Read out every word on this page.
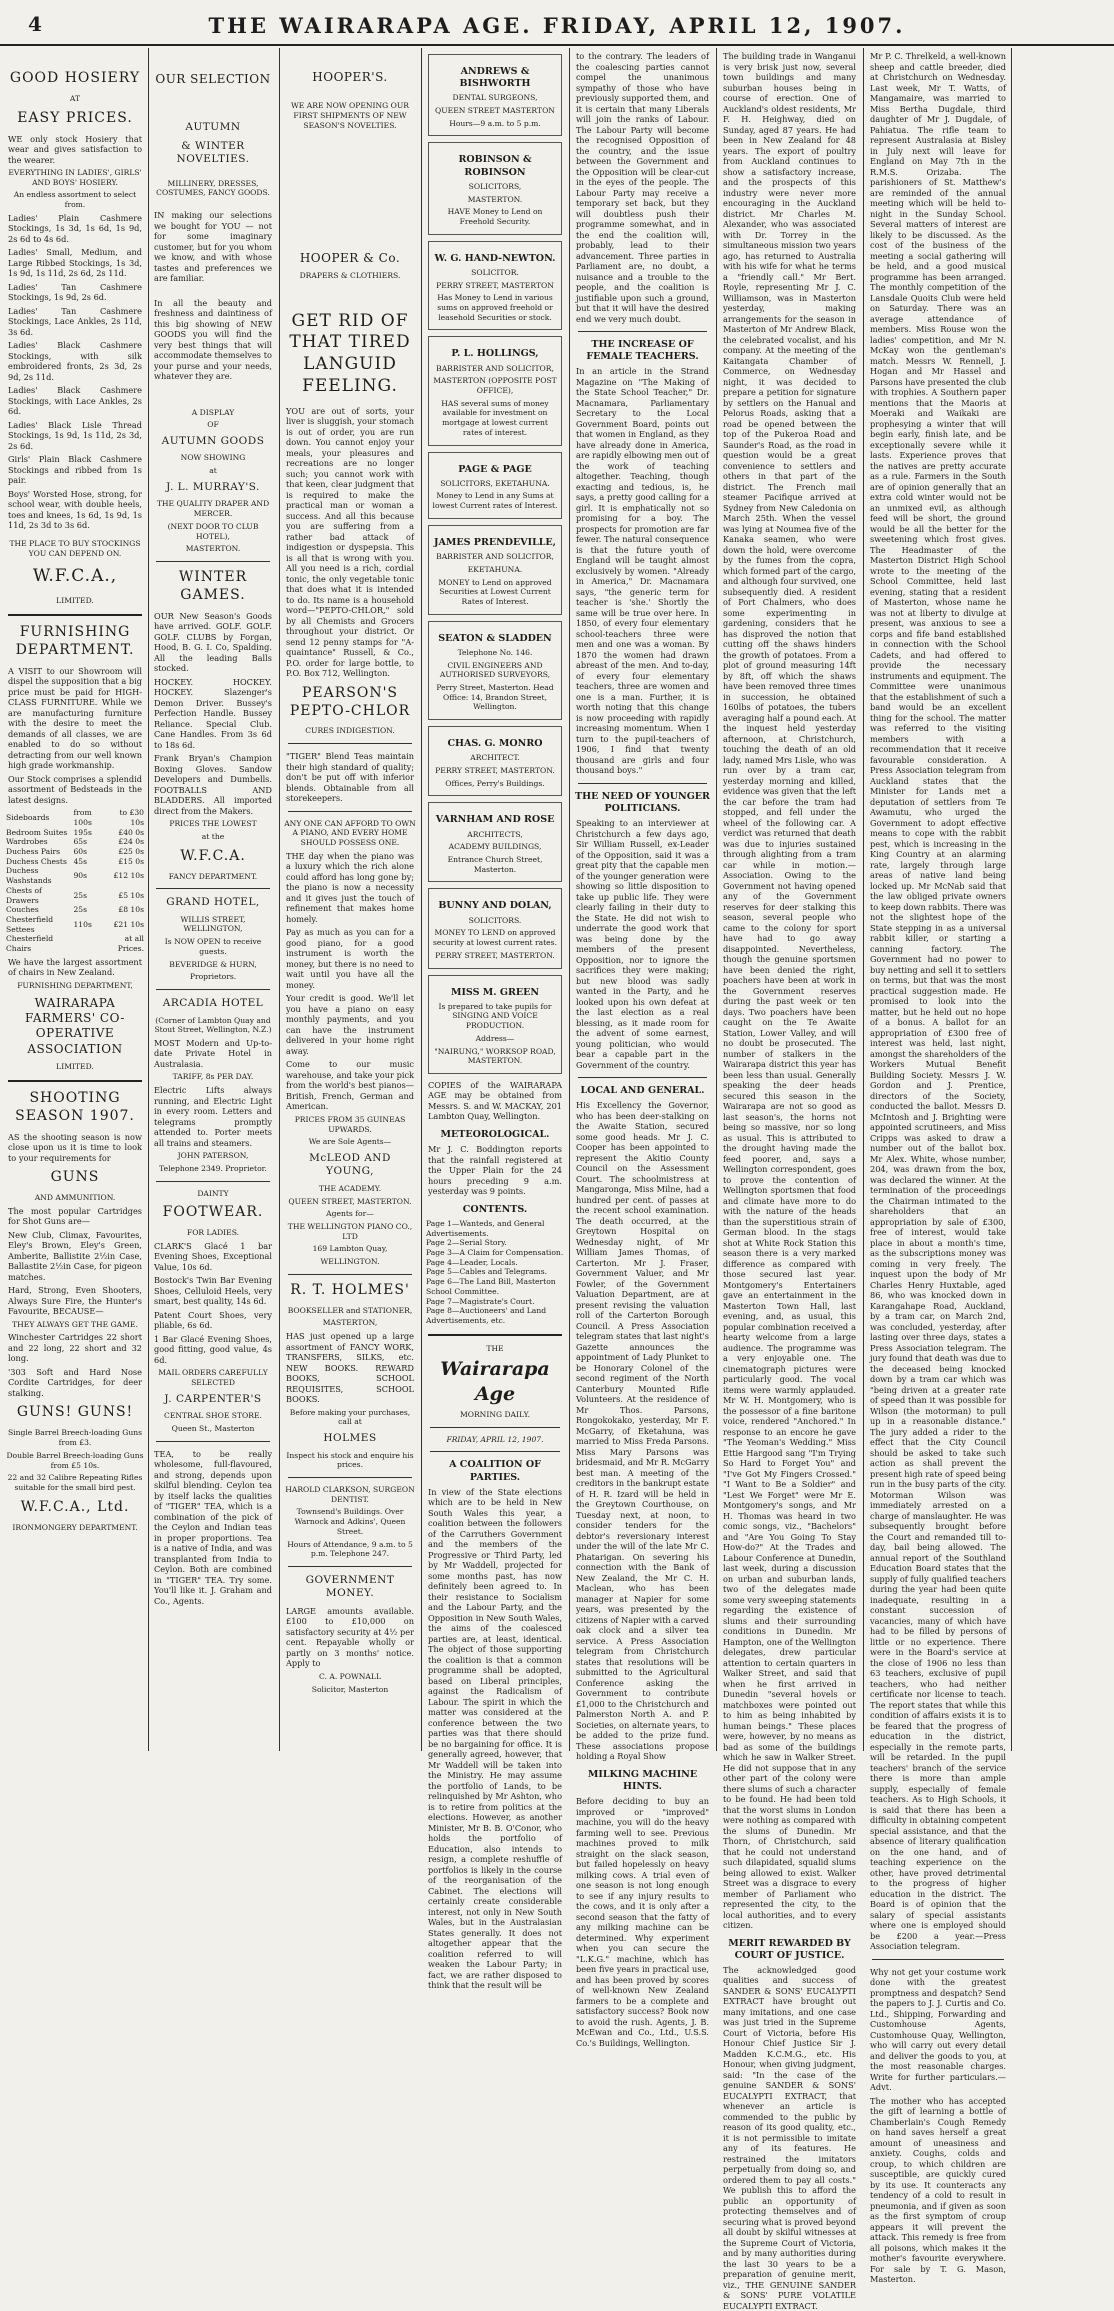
4	THE WAIRARAPA AGE. FRIDAY, APRIL 12, 1907.
GOOD HOSIERY
AT
EASY PRICES.
WE only stock Hosiery that wear and gives satisfaction to the wearer.
EVERYTHING IN LADIES', GIRLS' AND BOYS' HOSIERY.
An endless assortment to select from.
Ladies' Plain Cashmere Stockings, 1s 3d, 1s 6d, 1s 9d, 2s 6d to 4s 6d.
Ladies' Small, Medium, and Large Ribbed Stockings, 1s 3d, 1s 9d, 1s 11d, 2s 6d, 2s 11d.
Ladies' Tan Cashmere Stockings, 1s 9d, 2s 6d.
Ladies' Tan Cashmere Stockings, Lace Ankles, 2s 11d, 3s 6d.
Ladies' Black Cashmere Stockings, with silk embroidered fronts, 2s 3d, 2s 9d, 2s 11d.
Ladies' Black Cashmere Stockings, with Lace Ankles, 2s 6d.
Ladies' Black Lisle Thread Stockings, 1s 9d, 1s 11d, 2s 3d, 2s 6d.
Girls' Plain Black Cashmere Stockings and ribbed from 1s pair.
Boys' Worsted Hose, strong, for school wear, with double heels, toes and knees, 1s 6d, 1s 9d, 1s 11d, 2s 3d to 3s 6d.
THE PLACE TO BUY STOCKINGS YOU CAN DEPEND ON.
W.F.C.A.,
LIMITED.
FURNISHING DEPARTMENT.
A VISIT to our Showroom will dispel the supposition that a big price must be paid for HIGH-CLASS FURNITURE. While we are manufacturing furniture with the desire to meet the demands of all classes, we are enabled to do so without detracting from our well known high grade workmanship.
Our Stock comprises a splendid assortment of Bedsteads in the latest designs.
Sideboards	from 100s	to £30 10s
Bedroom Suites	195s	£40 0s
Wardrobes	65s	£24 0s
Duchess Pairs	60s	£25 0s
Duchess Chests	45s	£15 0s
Duchess Washstands	90s	£12 10s
Chests of Drawers	25s	£5 10s
Couches	25s	£8 10s
Chesterfield Settees	110s	£21 10s
Chesterfield Chairs		at all Prices.
We have the largest assortment of chairs in New Zealand.
FURNISHING DEPARTMENT,
WAIRARAPA FARMERS' CO-OPERATIVE ASSOCIATION
LIMITED.
SHOOTING SEASON 1907.
AS the shooting season is now close upon us it is time to look to your requirements for
GUNS
AND AMMUNITION.
The most popular Cartridges for Shot Guns are—
New Club, Climax, Favourites, Eley's Brown, Eley's Green, Amberite, Ballistite 2½in Case, Ballastite 2½in Case, for pigeon matches.
Hard, Strong, Even Shooters, Always Sure Fire, the Hunter's Favourite, BECAUSE—
THEY ALWAYS GET THE GAME.
Winchester Cartridges 22 short and 22 long, 22 short and 32 long.
'303 Soft and Hard Nose Cordite Cartridges, for deer stalking.
GUNS! GUNS!
Single Barrel Breech-loading Guns from £3.
Double Barrel Breech-loading Guns from £5 10s.
22 and 32 Calibre Repeating Rifles suitable for the small bird pest.
W.F.C.A., Ltd.
IRONMONGERY DEPARTMENT.
OUR SELECTION
AUTUMN
& WINTER NOVELTIES.
MILLINERY, DRESSES, COSTUMES, FANCY GOODS.
IN making our selections we bought for YOU — not for some imaginary customer, but for you whom we know, and with whose tastes and preferences we are familiar.
In all the beauty and freshness and daintiness of this big showing of NEW GOODS you will find the very best things that will accommodate themselves to your purse and your needs, whatever they are.
A DISPLAY
OF
AUTUMN GOODS
NOW SHOWING
at
J. L. MURRAY'S.
THE QUALITY DRAPER AND MERCER.
(NEXT DOOR TO CLUB HOTEL),
MASTERTON.
WINTER GAMES.
OUR New Season's Goods have arrived. GOLF. GOLF. GOLF. CLUBS by Forgan, Hood, B. G. I. Co, Spalding. All the leading Balls stocked.
HOCKEY. HOCKEY. HOCKEY. Slazenger's Demon Driver. Bussey's Perfection Handle. Bussey Reliance. Special Club. Cane Handles. From 3s 6d to 18s 6d.
Frank Bryan's Champion Boxing Gloves. Sandow Developers and Dumbells. FOOTBALLS AND BLADDERS. All imported direct from the Makers.
PRICES THE LOWEST
at the
W.F.C.A.
FANCY DEPARTMENT.
GRAND HOTEL,
WILLIS STREET, WELLINGTON,
Is NOW OPEN to receive guests.
BEVERIDGE & HURN,
Proprietors.
ARCADIA HOTEL
(Corner of Lambton Quay and Stout Street, Wellington, N.Z.)
MOST Modern and Up-to-date Private Hotel in Australasia.
TARIFF, 8s PER DAY.
Electric Lifts always running, and Electric Light in every room. Letters and telegrams promptly attended to. Porter meets all trains and steamers.
JOHN PATERSON,
Telephone 2349. Proprietor.
DAINTY
FOOTWEAR.
FOR LADIES.
CLARK'S Glacé 1 bar Evening Shoes, Exceptional Value, 10s 6d.
Bostock's Twin Bar Evening Shoes, Celluloid Heels, very smart, best quality, 14s 6d.
Patent Court Shoes, very pliable, 6s 6d.
1 Bar Glacé Evening Shoes, good fitting, good value, 4s 6d.
MAIL ORDERS CAREFULLY SELECTED
J. CARPENTER'S
CENTRAL SHOE STORE.
Queen St., Masterton
TEA, to be really wholesome, full-flavoured, and strong, depends upon skilful blending. Ceylon tea by itself lacks the qualities of "TIGER" TEA, which is a combination of the pick of the Ceylon and Indian teas in proper proportions. Tea is a native of India, and was transplanted from India to Ceylon. Both are combined in "TIGER" TEA. Try some. You'll like it. J. Graham and Co., Agents.
HOOPER'S.
WE ARE NOW OPENING OUR FIRST SHIPMENTS OF NEW SEASON'S NOVELTIES.
HOOPER & Co.
DRAPERS & CLOTHIERS.
GET RID OF THAT TIRED LANGUID FEELING.
YOU are out of sorts, your liver is sluggish, your stomach is out of order, you are run down. You cannot enjoy your meals, your pleasures and recreations are no longer such; you cannot work with that keen, clear judgment that is required to make the practical man or woman a success. And all this because you are suffering from a rather bad attack of indigestion or dyspepsia. This is all that is wrong with you. All you need is a rich, cordial tonic, the only vegetable tonic that does what it is intended to do. Its name is a household word—"PEPTO-CHLOR," sold by all Chemists and Grocers throughout your district. Or send 12 penny stamps for "A-quaintance" Russell, & Co., P.O. order for large bottle, to P.O. Box 712, Wellington.
PEARSON'S PEPTO-CHLOR
CURES INDIGESTION.
"TIGER" Blend Teas maintain their high standard of quality; don't be put off with inferior blends. Obtainable from all storekeepers.
ANY ONE CAN AFFORD TO OWN A PIANO, AND EVERY HOME SHOULD POSSESS ONE.
THE day when the piano was a luxury which the rich alone could afford has long gone by; the piano is now a necessity and it gives just the touch of refinement that makes home homely.
Pay as much as you can for a good piano, for a good instrument is worth the money, but there is no need to wait until you have all the money.
Your credit is good. We'll let you have a piano on easy monthly payments, and you can have the instrument delivered in your home right away.
Come to our music warehouse, and take your pick from the world's best pianos—British, French, German and American.
PRICES FROM 35 GUINEAS UPWARDS.
We are Sole Agents—
McLEOD AND YOUNG,
THE ACADEMY.
QUEEN STREET, MASTERTON.
Agents for—
THE WELLINGTON PIANO CO., LTD
169 Lambton Quay,
WELLINGTON.
R. T. HOLMES'
BOOKSELLER and STATIONER,
MASTERTON,
HAS just opened up a large assortment of FANCY WORK, TRANSFERS, SILKS, etc. NEW BOOKS. REWARD BOOKS, SCHOOL REQUISITES, SCHOOL BOOKS.
Before making your purchases, call at
HOLMES
Inspect his stock and enquire his prices.
HAROLD CLARKSON, SURGEON DENTIST.
Townsend's Buildings. Over Warnock and Adkins', Queen Street.
Hours of Attendance, 9 a.m. to 5 p.m. Telephone 247.
GOVERNMENT MONEY.
LARGE amounts available. £100 to £10,000 on satisfactory security at 4½ per cent. Repayable wholly or partly on 3 months' notice. Apply to
C. A. POWNALL
Solicitor, Masterton
ANDREWS & BISHWORTH
DENTAL SURGEONS,
QUEEN STREET MASTERTON
Hours—9 a.m. to 5 p.m.
ROBINSON & ROBINSON
SOLICITORS,
MASTERTON.
HAVE Money to Lend on Freehold Security.
W. G. HAND-NEWTON.
SOLICITOR.
PERRY STREET, MASTERTON
Has Money to Lend in various sums on approved freehold or leasehold Securities or stock.
P. L. HOLLINGS,
BARRISTER AND SOLICITOR,
MASTERTON (OPPOSITE POST OFFICE),
HAS several sums of money available for investment on mortgage at lowest current rates of interest.
PAGE & PAGE
SOLICITORS, EKETAHUNA.
Money to Lend in any Sums at lowest Current rates of Interest.
JAMES PRENDEVILLE,
BARRISTER AND SOLICITOR,
EKETAHUNA.
MONEY to Lend on approved Securities at Lowest Current Rates of Interest.
SEATON & SLADDEN
Telephone No. 146.
CIVIL ENGINEERS AND AUTHORISED SURVEYORS,
Perry Street, Masterton. Head Office: 14, Brandon Street, Wellington.
CHAS. G. MONRO
ARCHITECT.
PERRY STREET, MASTERTON.
Offices, Perry's Buildings.
VARNHAM AND ROSE
ARCHITECTS,
ACADEMY BUILDINGS,
Entrance Church Street, Masterton.
BUNNY AND DOLAN,
SOLICITORS.
MONEY TO LEND on approved security at lowest current rates.
PERRY STREET, MASTERTON.
MISS M. GREEN
Is prepared to take pupils for SINGING AND VOICE PRODUCTION.
Address—
"NAIRUNG," WORKSOP ROAD, MASTERTON.
COPIES of the WAIRARAPA AGE may be obtained from Messrs. S. and W. MACKAY, 201 Lambton Quay, Wellington.
METEOROLOGICAL.
Mr J. C. Boddington reports that the rainfall registered at the Upper Plain for the 24 hours preceding 9 a.m. yesterday was 9 points.
CONTENTS.
Page 1—Wanteds, and General Advertisements.
Page 2—Serial Story.
Page 3—A Claim for Compensation.
Page 4—Leader, Locals.
Page 5—Cables and Telegrams.
Page 6—The Land Bill, Masterton School Committee.
Page 7—Magistrate's Court.
Page 8—Auctioneers' and Land Advertisements, etc.
THE
Wairarapa Age
MORNING DAILY.
FRIDAY, APRIL 12, 1907.
A COALITION OF PARTIES.
In view of the State elections which are to be held in New South Wales this year, a coalition between the followers of the Carruthers Government and the members of the Progressive or Third Party, led by Mr Waddell, projected for some months past, has now definitely been agreed to. In their resistance to Socialism and the Labour Party, and the Opposition in New South Wales, the aims of the coalesced parties are, at least, identical. The object of those supporting the coalition is that a common programme shall be adopted, based on Liberal principles, against the Radicalism of Labour. The spirit in which the matter was considered at the conference between the two parties was that there should be no bargaining for office. It is generally agreed, however, that Mr Waddell will be taken into the Ministry. He may assume the portfolio of Lands, to be relinquished by Mr Ashton, who is to retire from politics at the elections. However, as another Minister, Mr B. B. O'Conor, who holds the portfolio of Education, also intends to resign, a complete reshuffle of portfolios is likely in the course of the reorganisation of the Cabinet. The elections will certainly create considerable interest, not only in New South Wales, but in the Australasian States generally. It does not altogether appear that the coalition referred to will weaken the Labour Party; in fact, we are rather disposed to think that the result will be
to the contrary. The leaders of the coalescing parties cannot compel the unanimous sympathy of those who have previously supported them, and it is certain that many Liberals will join the ranks of Labour. The Labour Party will become the recognised Opposition of the country, and the issue between the Government and the Opposition will be clear-cut in the eyes of the people. The Labour Party may receive a temporary set back, but they will doubtless push their programme somewhat, and in the end the coalition will, probably, lead to their advancement. Three parties in Parliament are, no doubt, a nuisance and a trouble to the people, and the coalition is justifiable upon such a ground, but that it will have the desired end we very much doubt.
THE INCREASE OF FEMALE TEACHERS.
In an article in the Strand Magazine on "The Making of the State School Teacher," Dr. Macnamara, Parliamentary Secretary to the Local Government Board, points out that women in England, as they have already done in America, are rapidly elbowing men out of the work of teaching altogether. Teaching, though exacting and tedious, is, he says, a pretty good calling for a girl. It is emphatically not so promising for a boy. The prospects for promotion are far fewer. The natural consequence is that the future youth of England will be taught almost exclusively by women. "Already in America," Dr. Macnamara says, "the generic term for teacher is 'she.' Shortly the same will be true over here. In 1850, of every four elementary school-teachers three were men and one was a woman. By 1870 the women had drawn abreast of the men. And to-day, of every four elementary teachers, three are women and one is a man. Further, it is worth noting that this change is now proceeding with rapidly increasing momentum. When I turn to the pupil-teachers of 1906, I find that twenty thousand are girls and four thousand boys."
THE NEED OF YOUNGER POLITICIANS.
Speaking to an interviewer at Christchurch a few days ago, Sir William Russell, ex-Leader of the Opposition, said it was a great pity that the capable men of the younger generation were showing so little disposition to take up public life. They were clearly failing in their duty to the State. He did not wish to underrate the good work that was being done by the members of the present Opposition, nor to ignore the sacrifices they were making; but new blood was sadly wanted in the Party, and he looked upon his own defeat at the last election as a real blessing, as it made room for the advent of some earnest, young politician, who would bear a capable part in the Government of the country.
LOCAL AND GENERAL.
His Excellency the Governor, who has been deer-stalking on the Awaite Station, secured some good heads. Mr J. C. Cooper has been appointed to represent the Akitio County Council on the Assessment Court. The schoolmistress at Mangaronga, Miss Milne, had a hundred per cent. of passes at the recent school examination. The death occurred, at the Greytown Hospital on Wednesday night, of Mr William James Thomas, of Carterton. Mr J. Fraser, Government Valuer, and Mr Fowler, of the Government Valuation Department, are at present revising the valuation roll of the Carterton Borough Council. A Press Association telegram states that last night's Gazette announces the appointment of Lady Plunket to be Honorary Colonel of the second regiment of the North Canterbury Mounted Rifle Volunteers. At the residence of Mr Thos. Parsons, Rongokokako, yesterday, Mr F. McGarry, of Eketahuna, was married to Miss Freda Parsons. Miss Mary Parsons was bridesmaid, and Mr R. McGarry best man. A meeting of the creditors in the bankrupt estate of H. R. Izard will be held in the Greytown Courthouse, on Tuesday next, at noon, to consider tenders for the debtor's reversionary interest under the will of the late Mr C. Phatarigan. On severing his connection with the Bank of New Zealand, the Mr C. H. Maclean, who has been manager at Napier for some years, was presented by the citizens of Napier with a carved oak clock and a silver tea service. A Press Association telegram from Christchurch states that resolutions will be submitted to the Agricultural Conference asking the Government to contribute £1,000 to the Christchurch and Palmerston North A. and P. Societies, on alternate years, to be added to the prize fund. These associations propose holding a Royal Show
MILKING MACHINE HINTS.
Before deciding to buy an improved or "improved" machine, you will do the heavy farming well to see. Previous machines proved to milk straight on the slack season, but failed hopelessly on heavy milking cows. A trial even of one season is not long enough to see if any injury results to the cows, and it is only after a second season that the fatty of any milking machine can be determined. Why experiment when you can secure the "L.K.G." machine, which has been five years in practical use, and has been proved by scores of well-known New Zealand farmers to be a complete and satisfactory success? Book now to avoid the rush. Agents, J. B. McEwan and Co., Ltd., U.S.S. Co.'s Buildings, Wellington.
The building trade in Wanganui is very brisk just now, several town buildings and many suburban houses being in course of erection. One of Auckland's oldest residents, Mr F. H. Heighway, died on Sunday, aged 87 years. He had been in New Zealand for 48 years. The export of poultry from Auckland continues to show a satisfactory increase, and the prospects of this industry were never more encouraging in the Auckland district. Mr Charles M. Alexander, who was associated with Dr. Torrey in the simultaneous mission two years ago, has returned to Australia with his wife for what he terms a "friendly call." Mr Bert. Royle, representing Mr J. C. Williamson, was in Masterton yesterday, making arrangements for the season in Masterton of Mr Andrew Black, the celebrated vocalist, and his company. At the meeting of the Kaitangata Chamber of Commerce, on Wednesday night, it was decided to prepare a petition for signature by settlers on the Hanual and Pelorus Roads, asking that a road be opened between the top of the Pukeroa Road and Saunder's Road, as the road in question would be a great convenience to settlers and others in that part of the district. The French mail steamer Pacifique arrived at Sydney from New Caledonia on March 25th. When the vessel was lying at Noumea five of the Kanaka seamen, who were down the hold, were overcome by the fumes from the copra, which formed part of the cargo, and although four survived, one subsequently died. A resident of Port Chalmers, who does some experimenting in gardening, considers that he has disproved the notion that cutting off the shaws hinders the growth of potatoes. From a plot of ground measuring 14ft by 8ft, off which the shaws have been removed three times in succession, he obtained 160lbs of potatoes, the tubers averaging half a pound each. At the inquest held yesterday afternoon, at Christchurch, touching the death of an old lady, named Mrs Lisle, who was run over by a tram car, yesterday morning and killed, evidence was given that the left the car before the tram had stopped, and fell under the wheel of the following car. A verdict was returned that death was due to injuries sustained through alighting from a tram car while in motion.—Association. Owing to the Government not having opened any of the Government reserves for deer stalking this season, several people who came to the colony for sport have had to go away disappointed. Nevertheless, though the genuine sportsmen have been denied the right, poachers have been at work in the Government reserves during the past week or ten days. Two poachers have been caught on the Te Awaite Station, Lower Valley, and will no doubt be prosecuted. The number of stalkers in the Wairarapa district this year has been less than usual. Generally speaking the deer heads secured this season in the Wairarapa are not so good as last season's, the horns not being so massive, nor so long as usual. This is attributed to the drought having made the feed poorer, and, says a Wellington correspondent, goes to prove the contention of Wellington sportsmen that food and climate have more to do with the nature of the heads than the superstitious strain of German blood. In the stags shot at White Rock Station this season there is a very marked difference as compared with those secured last year. Montgomery's Entertainers gave an entertainment in the Masterton Town Hall, last evening, and, as usual, this popular combination received a hearty welcome from a large audience. The programme was a very enjoyable one. The cinematograph pictures were particularly good. The vocal items were warmly applauded. Mr W. H. Montgomery, who is the possessor of a fine baritone voice, rendered "Anchored." In response to an encore he gave "The Yeoman's Wedding." Miss Ettie Hargood sang "I'm Trying So Hard to Forget You" and "I've Got My Fingers Crossed." "I Want to Be a Soldier" and "Lest We Forget" were Mr E. Montgomery's songs, and Mr H. Thomas was heard in two comic songs, viz., "Bachelors" and "Are You Going To Stay How-do?" At the Trades and Labour Conference at Dunedin, last week, during a discussion on urban and suburban lands, two of the delegates made some very sweeping statements regarding the existence of slums and their surrounding conditions in Dunedin. Mr Hampton, one of the Wellington delegates, drew particular attention to certain quarters in Walker Street, and said that when he first arrived in Dunedin "several hovels or matchboxes were pointed out to him as being inhabited by human beings." These places were, however, by no means as bad as some of the buildings which he saw in Walker Street. He did not suppose that in any other part of the colony were there slums of such a character to be found. He had been told that the worst slums in London were nothing as compared with the slums of Dunedin. Mr Thorn, of Christchurch, said that he could not understand such dilapidated, squalid slums being allowed to exist. Walker Street was a disgrace to every member of Parliament who represented the city, to the local authorities, and to every citizen.
MERIT REWARDED BY COURT OF JUSTICE.
The acknowledged good qualities and success of SANDER & SONS' EUCALYPTI EXTRACT have brought out many imitations, and one case was just tried in the Supreme Court of Victoria, before His Honour Chief Justice Sir J. Madden K.C.M.G., etc. His Honour, when giving judgment, said: "In the case of the genuine SANDER & SONS' EUCALYPTI EXTRACT, that whenever an article is commended to the public by reason of its good quality, etc., it is not permissible to imitate any of its features. He restrained the imitators perpetually from doing so, and ordered them to pay all costs." We publish this to afford the public an opportunity of protecting themselves and of securing what is proved beyond all doubt by skilful witnesses at the Supreme Court of Victoria, and by many authorities during the last 30 years to be a preparation of genuine merit, viz., THE GENUINE SANDER & SONS' PURE VOLATILE EUCALYPTI EXTRACT.
Mr P. C. Threlkeld, a well-known sheep and cattle breeder, died at Christchurch on Wednesday. Last week, Mr T. Watts, of Mangamaire, was married to Miss Bertha Dugdale, third daughter of Mr J. Dugdale, of Pahiatua. The rifle team to represent Australasia at Bisley in July next will leave for England on May 7th in the R.M.S. Orizaba. The parishioners of St. Matthew's are reminded of the annual meeting which will be held to-night in the Sunday School. Several matters of interest are likely to be discussed. As the cost of the business of the meeting a social gathering will be held, and a good musical programme has been arranged. The monthly competition of the Lansdale Quoits Club were held on Saturday. There was an average attendance of members. Miss Rouse won the ladies' competition, and Mr N. McKay won the gentleman's match. Messrs W. Rennell, J. Hogan and Mr Hassel and Parsons have presented the club with trophies. A Southern paper mentions that the Maoris at Moeraki and Waikaki are prophesying a winter that will begin early, finish late, and be exceptionally severe while it lasts. Experience proves that the natives are pretty accurate as a rule. Farmers in the South are of opinion generally that an extra cold winter would not be an unmixed evil, as although feed will be short, the ground would be all the better for the sweetening which frost gives. The Headmaster of the Masterton District High School wrote to the meeting of the School Committee, held last evening, stating that a resident of Masterton, whose name he was not at liberty to divulge at present, was anxious to see a corps and fife band established in connection with the School Cadets, and had offered to provide the necessary instruments and equipment. The Committee were unanimous that the establishment of such a band would be an excellent thing for the school. The matter was referred to the visiting members with a recommendation that it receive favourable consideration. A Press Association telegram from Auckland states that the Minister for Lands met a deputation of settlers from Te Awamutu, who urged the Government to adopt effective means to cope with the rabbit pest, which is increasing in the King Country at an alarming rate, largely through large areas of native land being locked up. Mr McNab said that the law obliged private owners to keep down rabbits. There was not the slightest hope of the State stepping in as a universal rabbit killer, or starting a canning factory. The Government had no power to buy netting and sell it to settlers on terms, but that was the most practical suggestion made. He promised to look into the matter, but he held out no hope of a bonus. A ballot for an appropriation of £300 free of interest was held, last night, amongst the shareholders of the Workers Mutual Benefit Building Society. Messrs J. W. Gordon and J. Prentice, directors of the Society, conducted the ballot. Messrs D. McIntosh and J. Brighting were appointed scrutineers, and Miss Cripps was asked to draw a number out of the ballot box. Mr Alex. White, whose number, 204, was drawn from the box, was declared the winner. At the termination of the proceedings the Chairman intimated to the shareholders that an appropriation by sale of £300, free of interest, would take place in about a month's time, as the subscriptions money was coming in very freely. The inquest upon the body of Mr Charles Henry Huxtable, aged 86, who was knocked down in Karangahape Road, Auckland, by a tram car, on March 2nd, was concluded, yesterday, after lasting over three days, states a Press Association telegram. The jury found that death was due to the deceased being knocked down by a tram car which was "being driven at a greater rate of speed than it was possible for Wilson (the motorman) to pull up in a reasonable distance." The jury added a rider to the effect that the City Council should be asked to take such action as shall prevent the present high rate of speed being run in the busy parts of the city. Motorman Wilson was immediately arrested on a charge of manslaughter. He was subsequently brought before the Court and remanded till to-day, bail being allowed. The annual report of the Southland Education Board states that the supply of fully qualified teachers during the year had been quite inadequate, resulting in a constant succession of vacancies, many of which have had to be filled by persons of little or no experience. There were in the Board's service at the close of 1906 no less than 63 teachers, exclusive of pupil teachers, who had neither certificate nor license to teach. The report states that while this condition of affairs exists it is to be feared that the progress of education in the district, especially in the remote parts, will be retarded. In the pupil teachers' branch of the service there is more than ample supply, especially of female teachers. As to High Schools, it is said that there has been a difficulty in obtaining competent special assistance, and that the absence of literary qualification on the one hand, and of teaching experience on the other, have proved detrimental to the progress of higher education in the district. The Board is of opinion that the salary of special assistants where one is employed should be £200 a year.—Press Association telegram.
Why not get your costume work done with the greatest promptness and despatch? Send the papers to J. J. Curtis and Co. Ltd., Shipping, Forwarding and Customhouse Agents, Customhouse Quay, Wellington, who will carry out every detail and deliver the goods to you, at the most reasonable charges. Write for further particulars.—Advt.
The mother who has accepted the gift of learning a bottle of Chamberlain's Cough Remedy on hand saves herself a great amount of uneasiness and anxiety. Coughs, colds and croup, to which children are susceptible, are quickly cured by its use. It counteracts any tendency of a cold to result in pneumonia, and if given as soon as the first symptom of croup appears it will prevent the attack. This remedy is free from all poisons, which makes it the mother's favourite everywhere. For sale by T. G. Mason, Masterton.
